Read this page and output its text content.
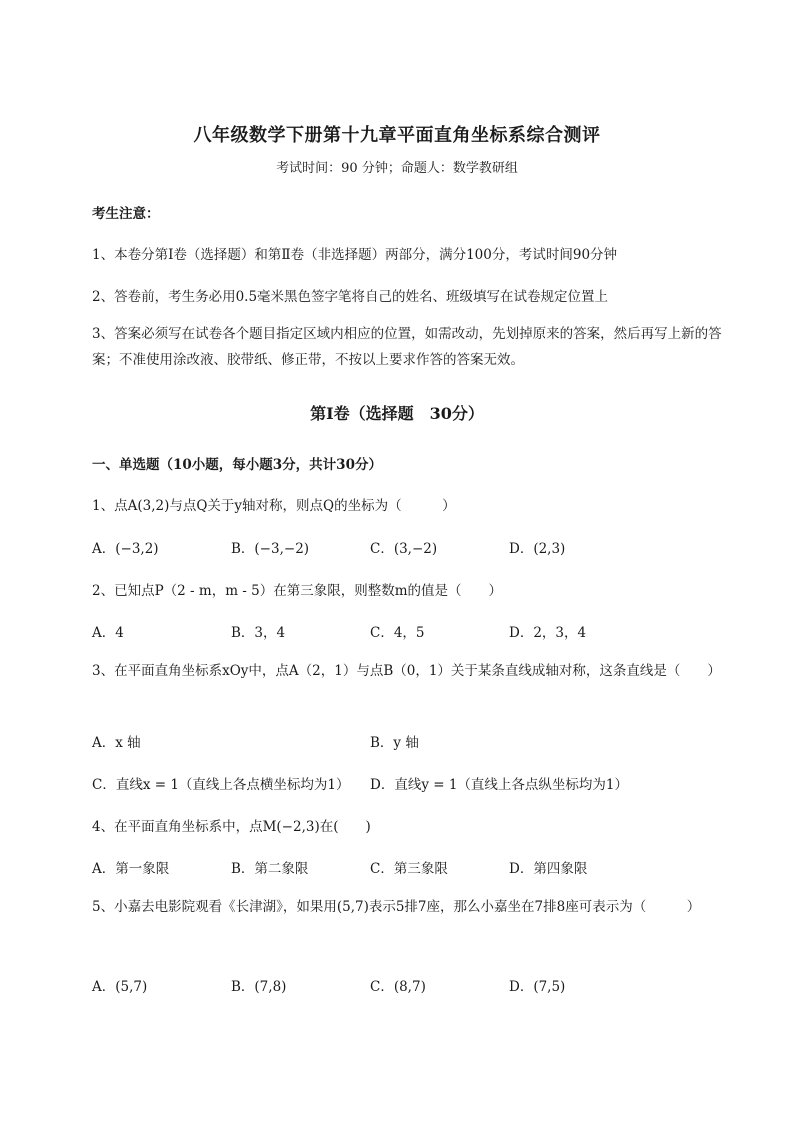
八年级数学下册第十九章平面直角坐标系综合测评
考试时间：90 分钟；命题人：数学教研组
考生注意：
1、本卷分第Ⅰ卷（选择题）和第Ⅱ卷（非选择题）两部分，满分100分，考试时间90分钟
2、答卷前，考生务必用0.5毫米黑色签字笔将自己的姓名、班级填写在试卷规定位置上
3、答案必须写在试卷各个题目指定区域内相应的位置，如需改动，先划掉原来的答案，然后再写上新的答案；不准使用涂改液、胶带纸、修正带，不按以上要求作答的答案无效。
第Ⅰ卷（选择题　30分）
一、单选题（10小题，每小题3分，共计30分）
1、点A(3,2)与点Q关于y轴对称，则点Q的坐标为（　　　）
A．(−3,2)	B．(−3,−2)	C．(3,−2)	D．(2,3)
2、已知点P（2 - m，m - 5）在第三象限，则整数m的值是（　　）
A．4	B．3，4	C．4，5	D．2，3，4
3、在平面直角坐标系xOy中，点A（2，1）与点B（0，1）关于某条直线成轴对称，这条直线是（　　）
A．x 轴	B．y 轴
C．直线x = 1（直线上各点横坐标均为1） D．直线y = 1（直线上各点纵坐标均为1）
4、在平面直角坐标系中，点M(−2,3)在(　　)
A．第一象限	B．第二象限	C．第三象限	D．第四象限
5、小嘉去电影院观看《长津湖》，如果用(5,7)表示5排7座，那么小嘉坐在7排8座可表示为（　　　）
A．(5,7)	B．(7,8)	C．(8,7)	D．(7,5)
